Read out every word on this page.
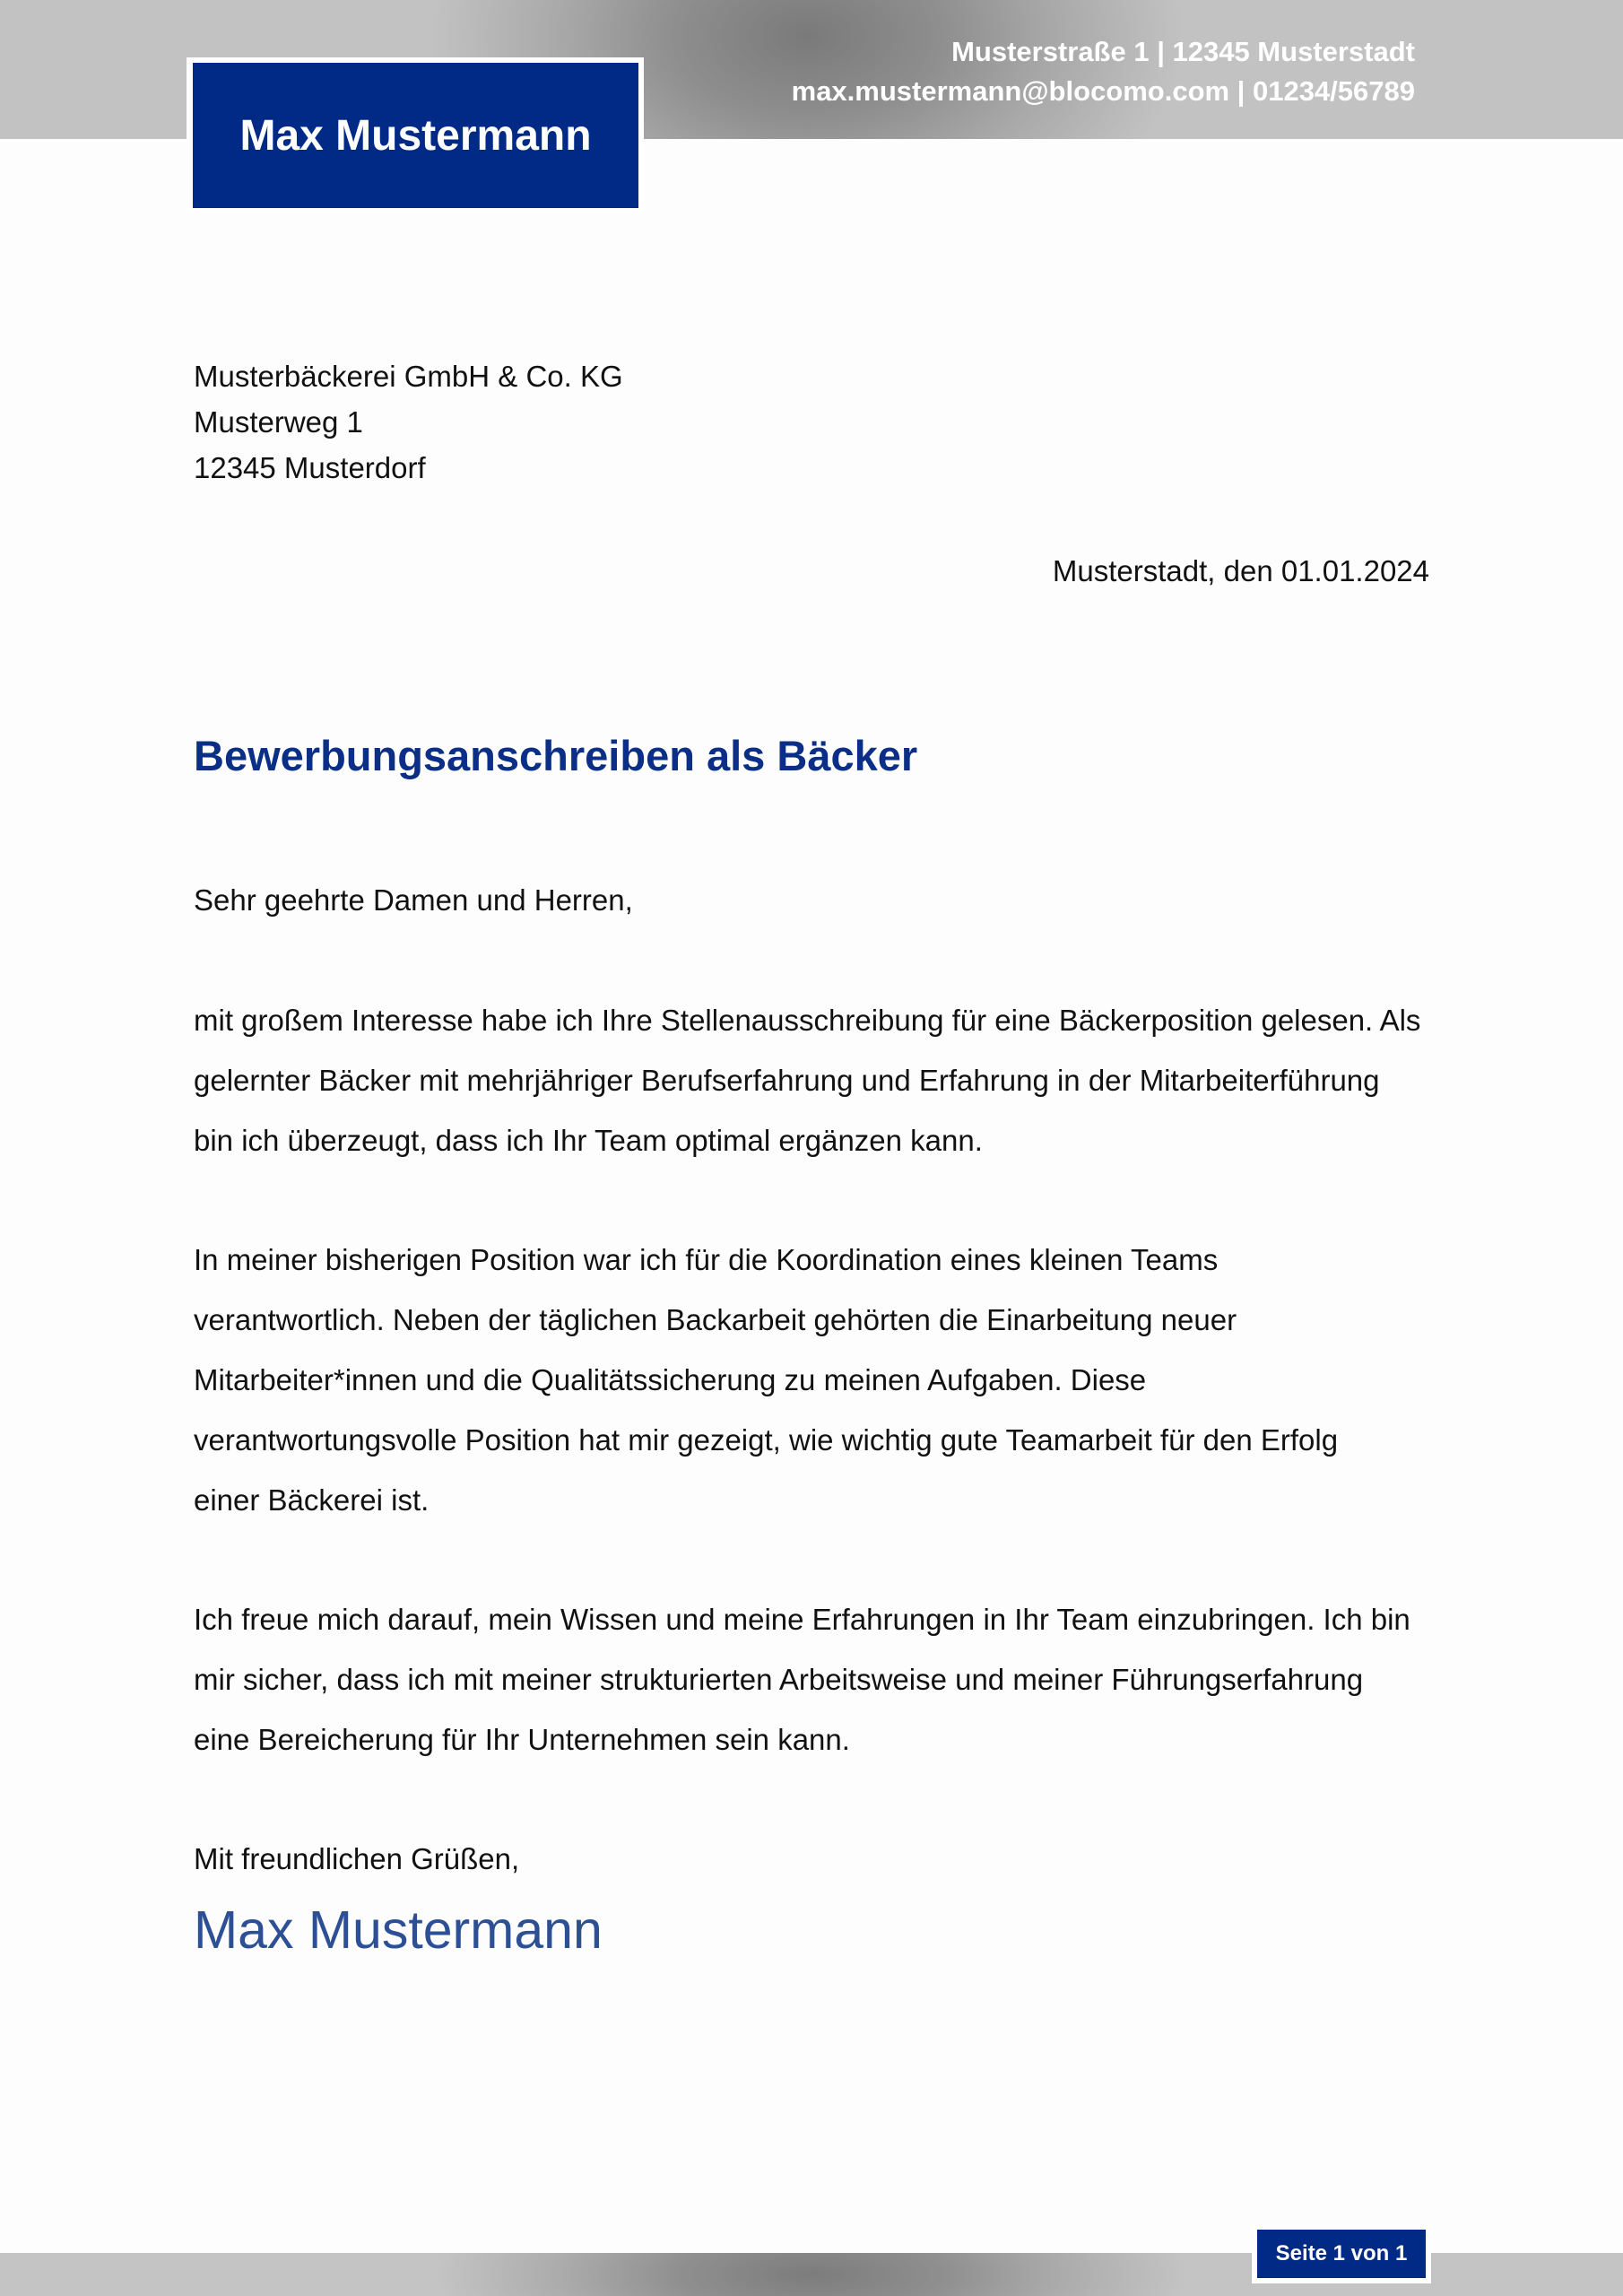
Musterstraße 1 | 12345 Musterstadt
max.mustermann@blocomo.com | 01234/56789
Max Mustermann
Musterbäckerei GmbH & Co. KG
Musterweg 1
12345 Musterdorf
Musterstadt, den 01.01.2024
Bewerbungsanschreiben als Bäcker

Sehr geehrte Damen und Herren,

mit großem Interesse habe ich Ihre Stellenausschreibung für eine Bäckerposition gelesen. Als

gelernter Bäcker mit mehrjähriger Berufserfahrung und Erfahrung in der Mitarbeiterführung

bin ich überzeugt, dass ich Ihr Team optimal ergänzen kann.

In meiner bisherigen Position war ich für die Koordination eines kleinen Teams

verantwortlich. Neben der täglichen Backarbeit gehörten die Einarbeitung neuer

Mitarbeiter*innen und die Qualitätssicherung zu meinen Aufgaben. Diese

verantwortungsvolle Position hat mir gezeigt, wie wichtig gute Teamarbeit für den Erfolg

einer Bäckerei ist.

Ich freue mich darauf, mein Wissen und meine Erfahrungen in Ihr Team einzubringen. Ich bin

mir sicher, dass ich mit meiner strukturierten Arbeitsweise und meiner Führungserfahrung

eine Bereicherung für Ihr Unternehmen sein kann.

Mit freundlichen Grüßen,

Max Mustermann
Seite 1 von 1
